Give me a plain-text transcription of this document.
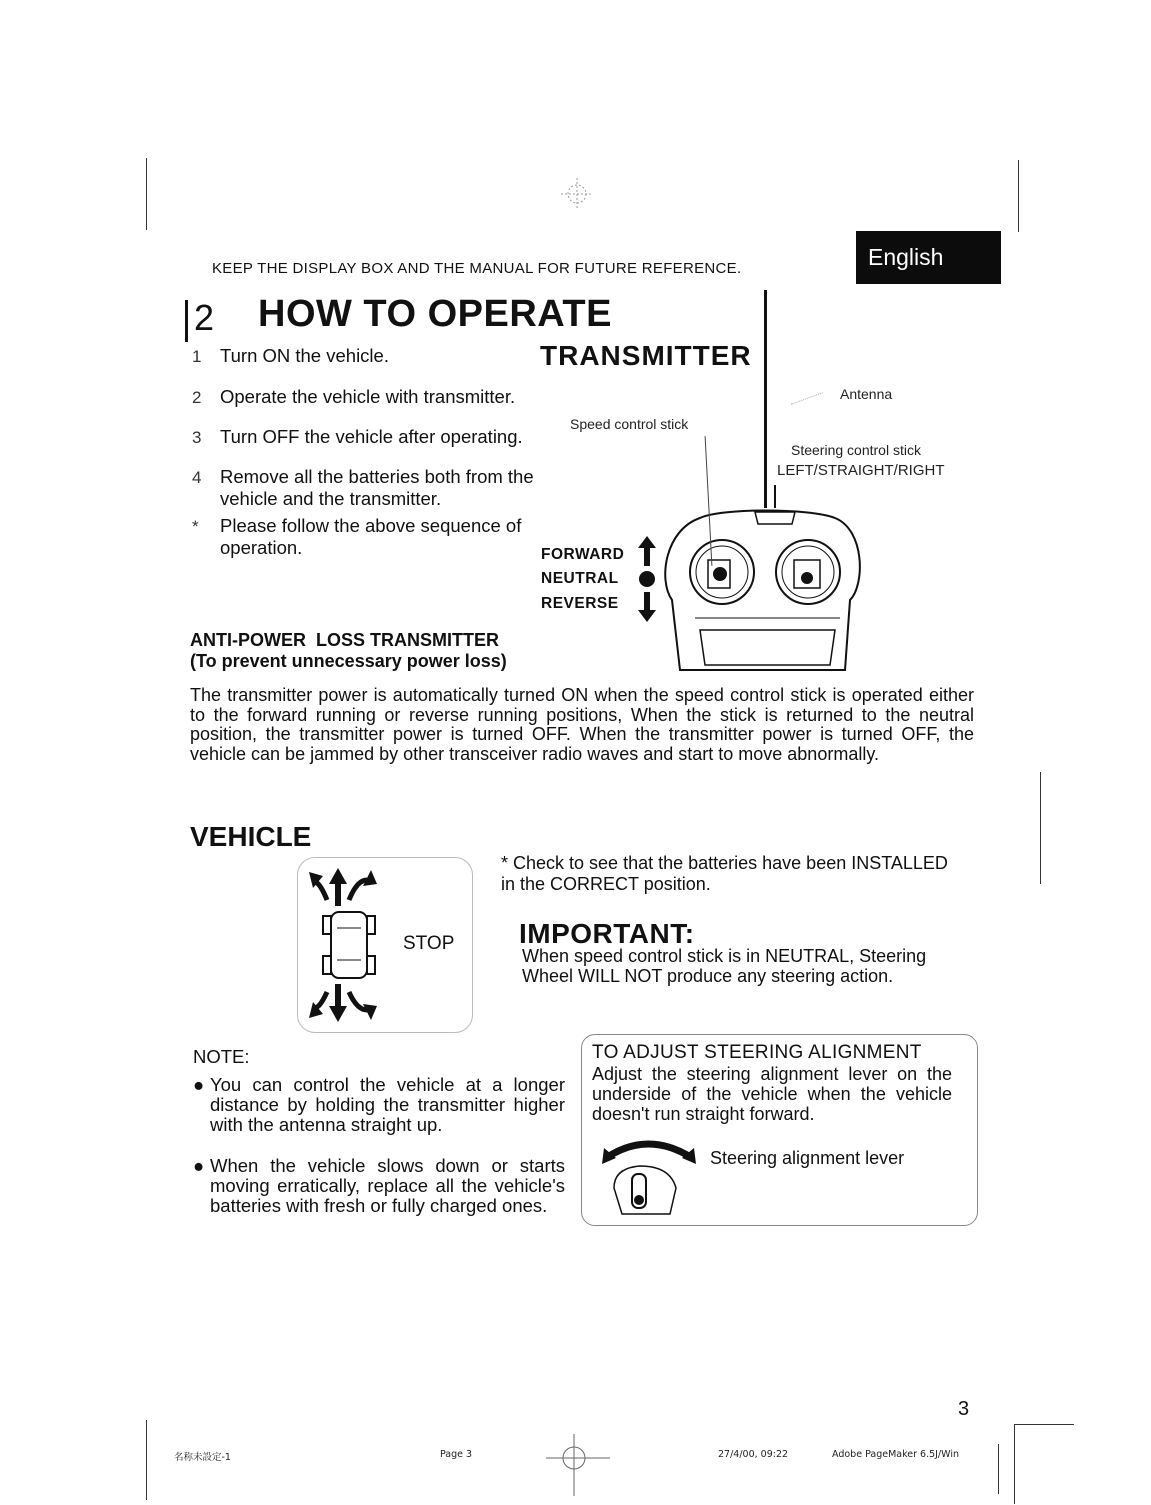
KEEP THE DISPLAY BOX AND THE MANUAL FOR FUTURE REFERENCE.	English
2 HOW TO OPERATE
TRANSMITTER
1 Turn ON the vehicle.
2 Operate the vehicle with transmitter.
3 Turn OFF the vehicle after operating.
4 Remove all the batteries both from the vehicle and the transmitter.
* Please follow the above sequence of operation.
Antenna
Speed control stick
Steering control stick
LEFT/STRAIGHT/RIGHT
FORWARD
NEUTRAL
REVERSE
ANTI-POWER  LOSS TRANSMITTER
(To prevent unnecessary power loss)
The transmitter power is automatically turned ON when the speed control stick is operated either to the forward running or reverse running positions, When the stick is returned to the neutral position, the transmitter power is turned OFF. When the transmitter power is turned OFF, the vehicle can be jammed by other transceiver radio waves and start to move abnormally.
VEHICLE
STOP
* Check to see that the batteries have been INSTALLED in the CORRECT position.
IMPORTANT:
When speed control stick is in NEUTRAL, Steering Wheel WILL NOT produce any steering action.
NOTE:
● You can control the vehicle at a longer distance by holding the transmitter higher with the antenna straight up.
● When the vehicle slows down or starts moving erratically, replace all the vehicle's batteries with fresh or fully charged ones.
TO ADJUST STEERING ALIGNMENT
Adjust the steering alignment lever on the underside of the vehicle when the vehicle doesn't run straight forward.
Steering alignment lever
3
名称未設定-1	Page 3	27/4/00, 09:22	Adobe PageMaker 6.5J/Win
